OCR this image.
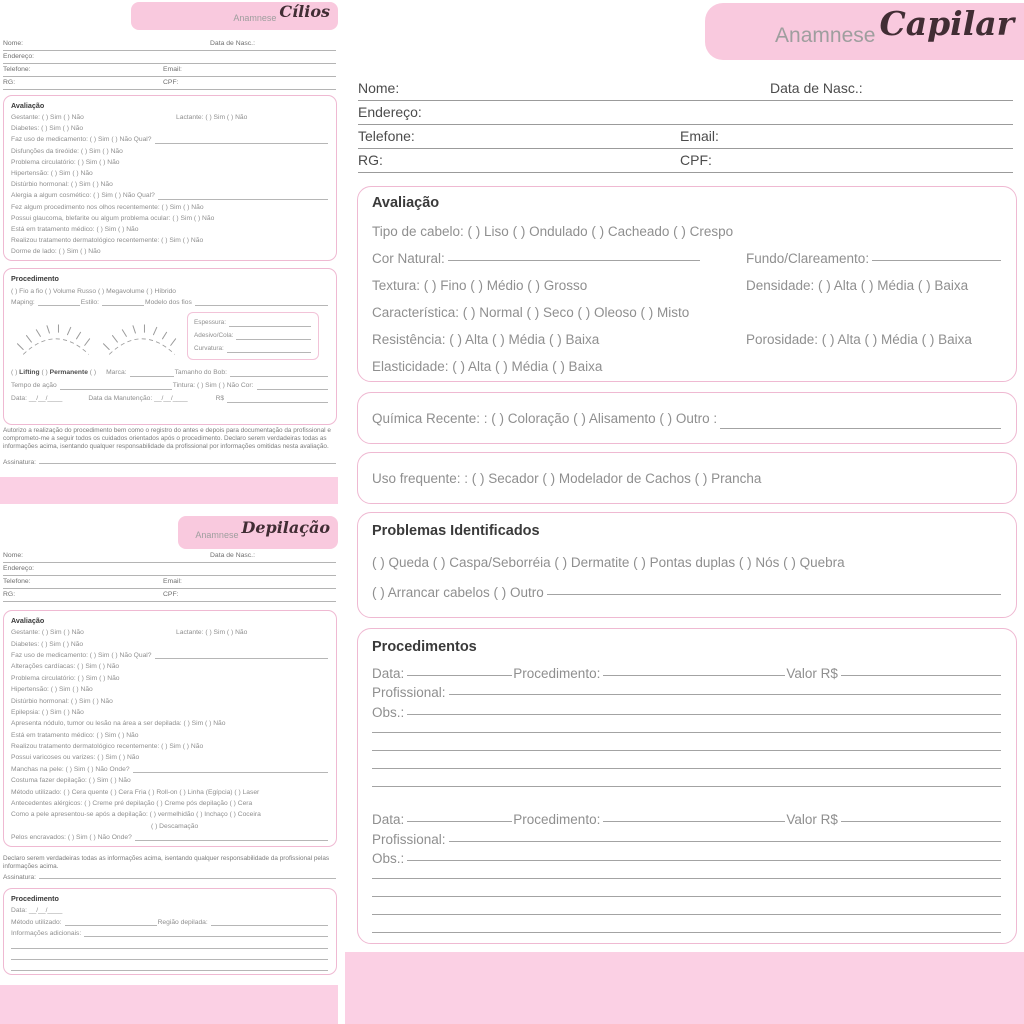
Anamnese Cílios
Nome:	Data de Nasc.:
Endereço:
Telefone:	Email:
RG:	CPF:
Avaliação
Gestante: ( ) Sim ( ) Não	Lactante: ( ) Sim ( ) Não
Diabetes: ( ) Sim ( ) Não
Faz uso de medicamento: ( ) Sim ( ) Não Qual?
Disfunções da tireóide: ( ) Sim ( ) Não
Problema circulatório: ( ) Sim ( ) Não
Hipertensão: ( ) Sim ( ) Não
Distúrbio hormonal: ( ) Sim ( ) Não
Alergia a algum cosmético: ( ) Sim ( ) Não Qual?
Fez algum procedimento nos olhos recentemente: ( ) Sim ( ) Não
Possui glaucoma, blefarite ou algum problema ocular: ( ) Sim ( ) Não
Está em tratamento médico: ( ) Sim ( ) Não
Realizou tratamento dermatológico recentemente: ( ) Sim ( ) Não
Dorme de lado: ( ) Sim ( ) Não
Procedimento
( ) Fio a fio ( ) Volume Russo ( ) Megavolume ( ) Híbrido
Maping:	Estilo:	Modelo dos fios
Espessura:
Adesivo/Cola:
Curvatura:
( )
Lifting
( )
Permanente
( ) Marca:	Tamanho do Bob:
Tempo de ação	Tintura: ( ) Sim ( ) Não Cor:
Data: __/__/____	Data da Manutenção: __/__/____	R$
Autorizo a realização do procedimento bem como o registro do antes e depois para documentação da profissional e comprometo-me a seguir todos os cuidados orientados após o procedimento. Declaro serem verdadeiras todas as informações acima, isentando qualquer responsabilidade da profissional por informações omitidas nesta avaliação.
Assinatura:
Anamnese Depilação
Nome:	Data de Nasc.:
Endereço:
Telefone:	Email:
RG:	CPF:
Avaliação
Gestante: ( ) Sim ( ) Não	Lactante: ( ) Sim ( ) Não
Diabetes: ( ) Sim ( ) Não
Faz uso de medicamento: ( ) Sim ( ) Não Qual?
Alterações cardíacas: ( ) Sim ( ) Não
Problema circulatório: ( ) Sim ( ) Não
Hipertensão: ( ) Sim ( ) Não
Distúrbio hormonal: ( ) Sim ( ) Não
Epilepsia: ( ) Sim ( ) Não
Apresenta nódulo, tumor ou lesão na área a ser depilada: ( ) Sim ( ) Não
Está em tratamento médico: ( ) Sim ( ) Não
Realizou tratamento dermatológico recentemente: ( ) Sim ( ) Não
Possui varicoses ou varizes: ( ) Sim ( ) Não
Manchas na pele: ( ) Sim ( ) Não Onde?
Costuma fazer depilação: ( ) Sim ( ) Não
Método utilizado: ( ) Cera quente ( ) Cera Fria ( ) Roll-on ( ) Linha (Egípcia) ( ) Laser
Antecedentes alérgicos: ( ) Creme pré depilação ( ) Creme pós depilação ( ) Cera
Como a pele apresentou-se após a depilação: ( ) vermelhidão ( ) Inchaço ( ) Coceira
( ) Descamação
Pelos encravados: ( ) Sim ( ) Não Onde?
Declaro serem verdadeiras todas as informações acima, isentando qualquer responsabilidade da profissional pelas informações acima.
Assinatura:
Procedimento
Data: __/__/____
Método utilizado:	Região depilada:
Informações adicionais:
Anamnese Capilar
Nome:	Data de Nasc.:
Endereço:
Telefone:	Email:
RG:	CPF:
Avaliação
Tipo de cabelo: ( ) Liso ( ) Ondulado ( ) Cacheado ( ) Crespo
Cor Natural:	Fundo/Clareamento:
Textura: ( ) Fino ( ) Médio ( ) Grosso	Densidade: ( ) Alta ( ) Média ( ) Baixa
Característica: ( ) Normal ( ) Seco ( ) Oleoso ( ) Misto
Resistência: ( ) Alta ( ) Média ( ) Baixa	Porosidade: ( ) Alta ( ) Média ( ) Baixa
Elasticidade: ( ) Alta ( ) Média ( ) Baixa
Química Recente: : ( ) Coloração ( ) Alisamento ( ) Outro :
Uso frequente: : ( ) Secador ( ) Modelador de Cachos ( ) Prancha
Problemas Identificados
( ) Queda ( ) Caspa/Seborréia ( ) Dermatite ( ) Pontas duplas ( ) Nós ( ) Quebra
( ) Arrancar cabelos ( ) Outro
Procedimentos
Data:	Procedimento:	Valor R$
Profissional:
Obs.:
Data:	Procedimento:	Valor R$
Profissional:
Obs.:
